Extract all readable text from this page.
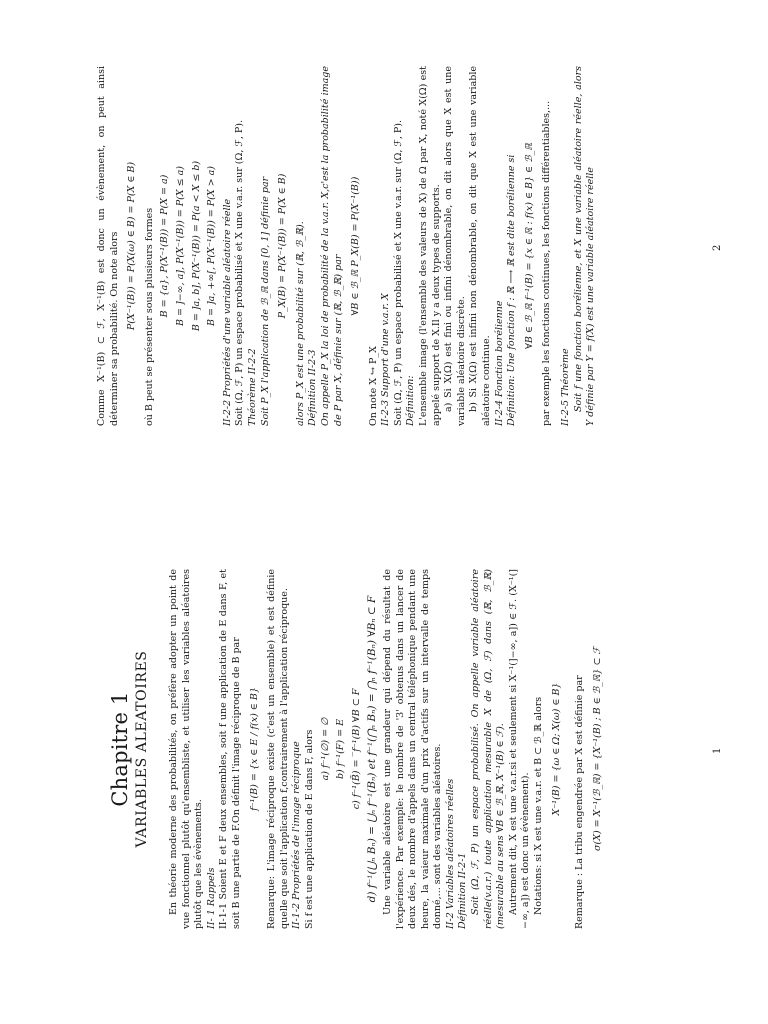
Chapitre 1 VARIABLES ALEATOIRES En théorie moderne des probabilités, on préfère adopter un point de vue fonctionnel plutôt qu'ensembliste, et utiliser les variables aléatoires plutôt que les évènements. II- 1 Rappels II-1-1 Soient E et F deux ensembles, soit f une application de E dans F, et soit B une partie de F.On définit l'image réciproque de B par f⁻¹(B) = {x ∈ E / f(x) ∈ B} Remarque: L'image réciproque existe (c'est un ensemble) et est définie quelle que soit l'application f,contrairement à l'application réciproque. II-1-2 Propriétés de l'image réciproque Si f est une application de E dans F, alors a) f⁻¹(∅) = ∅ b) f⁻¹(F) = E c) f⁻¹(B̄) = ‾f⁻¹(B) ∀B ⊂ F d) f⁻¹(⋃ₙ Bₙ) = ⋃ₙ f⁻¹(Bₙ) et f⁻¹(⋂ₙ Bₙ) = ⋂ₙ f⁻¹(Bₙ) ∀Bₙ ⊂ F Une variable aléatoire est une grandeur qui dépend du résultat de l'expérience. Par exemple: le nombre de '3' obtenus dans un lancer de deux dés, le nombre d'appels dans un central téléphonique pendant une heure, la vaieur maximale d'un prix d'actifs sur un intervalle de temps donné,... sont des variables aléatoires. II-2 Variables aléatoires réelles Définition II-2-1 Soit (Ω, ℱ, P) un espace probabilisé. On appelle variable aléatoire réelle(v.a.r.) toute application mesurable X de (Ω, ℱ) dans (ℝ, ℬ_ℝ)(mesurable au sens ∀B ∈ ℬ_ℝ, X⁻¹(B) ∈ ℱ). Autrement dit, X est une v.a.r.si et seulement si X⁻¹(]−∞, a]) ∈ ℱ. (X⁻¹(]−∞, a]) est donc un évènement). Notations: si X est une v.a.r. et B ⊂ ℬ_ℝ alors X⁻¹(B) = {ω ∈ Ω; X(ω) ∈ B} Remarque : La tribu engendrée par X est définie par σ(X) = X⁻¹(ℬ_ℝ) = {X⁻¹(B) ; B ∈ ℬ_ℝ} ⊂ ℱ	1

Comme X⁻¹(B) ⊂ ℱ, X⁻¹(B) est donc un évènement, on peut ainsi déterminer sa probabilité. On note alors P(X⁻¹(B)) = P(X(ω) ∈ B) = P(X ∈ B) où B peut se présenter sous plusieurs formes B = {a}, P(X⁻¹(B)) = P(X = a) B = ]−∞, a], P(X⁻¹(B)) = P(X ≤ a) B = ]a, b], P(X⁻¹(B)) = P(a < X ≤ b) B = ]a, +∞[, P(X⁻¹(B)) = P(X > a) II-2-2 Propriétés d'une variable aléatoire réelle Soit (Ω, ℱ, P) un espace probabilisé et X une v.a.r. sur (Ω, ℱ, P). Théorème II-2-2 Soit P_X l'application de ℬ_ℝ dans [0, 1] définie par P_X(B) = P(X⁻¹(B)) = P(X ∈ B) alors P_X est une probabilité sur (ℝ, ℬ_ℝ). Définition II-2-3 On appelle P_X la loi de probabilité de la v.a.r. X,c'est la probabilité image de P par X, définie sur (ℝ, ℬ_ℝ) par

∀B ∈ ℬ_ℝ P_X(B) = P(X⁻¹(B))

On note X ↪ P_X II-2-3 Support d'une v.a.r. X Soit (Ω, ℱ, P) un espace probabilisé et X une v.a.r. sur (Ω, ℱ, P). Définition: L'ensemble image (l'ensemble des valeurs de X) de Ω par X, noté X(Ω) est appelé support de X.Il y a deux types de supports. a) Si X(Ω) est fini ou infini dénombrable, on dit alors que X est une variable aléatoire discrète. b) Si X(Ω) est infini non dénombrable, on dit que X est une variable aléatoire continue. II-2-4 Fonction borélienne Définition: Une fonction f : ℝ ⟶ ℝ est dite borélienne si ∀B ∈ ℬ_ℝ f⁻¹(B) = {x ∈ ℝ : f(x) ∈ B} ∈ ℬ_ℝ par exemple les fonctions continues, les fonctions différentiables,... II-2-5 Théorème Soit f une fonction borélienne, et X une variable aléatoire réelle, alors Y définie par Y = f(X) est une variable aléatoire réelle	2
